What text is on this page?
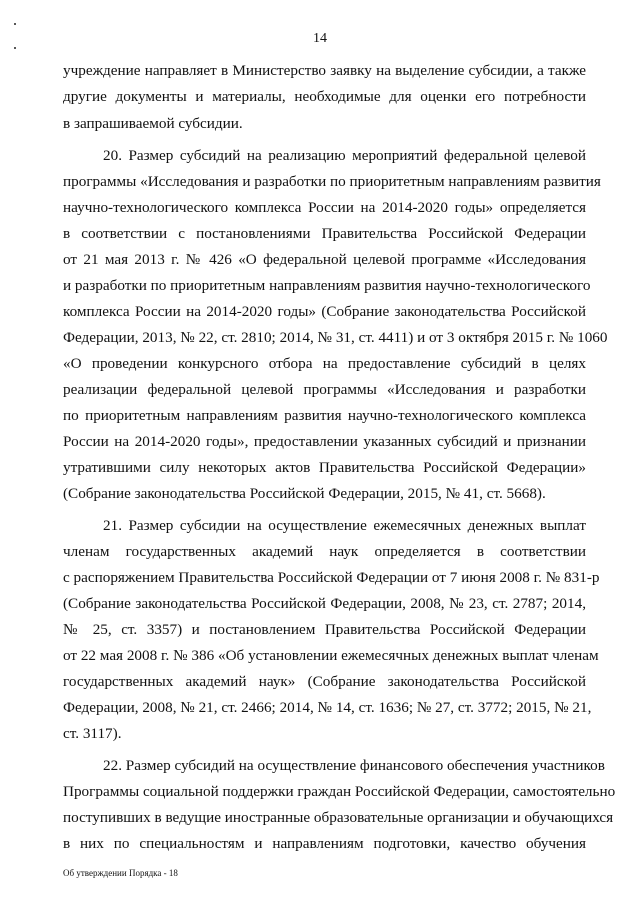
14
учреждение направляет в Министерство заявку на выделение субсидии, а также
другие документы и материалы, необходимые для оценки его потребности
в запрашиваемой субсидии.
20. Размер субсидий на реализацию мероприятий федеральной целевой
программы «Исследования и разработки по приоритетным направлениям развития
научно-технологического комплекса России на 2014-2020 годы» определяется
в соответствии с постановлениями Правительства Российской Федерации
от 21 мая 2013 г. № 426 «О федеральной целевой программе «Исследования
и разработки по приоритетным направлениям развития научно-технологического
комплекса России на 2014-2020 годы» (Собрание законодательства Российской
Федерации, 2013, № 22, ст. 2810; 2014, № 31, ст. 4411) и от 3 октября 2015 г. № 1060
«О проведении конкурсного отбора на предоставление субсидий в целях
реализации федеральной целевой программы «Исследования и разработки
по приоритетным направлениям развития научно-технологического комплекса
России на 2014-2020 годы», предоставлении указанных субсидий и признании
утратившими силу некоторых актов Правительства Российской Федерации»
(Собрание законодательства Российской Федерации, 2015, № 41, ст. 5668).
21. Размер субсидии на осуществление ежемесячных денежных выплат
членам государственных академий наук определяется в соответствии
с распоряжением Правительства Российской Федерации от 7 июня 2008 г. № 831-р
(Собрание законодательства Российской Федерации, 2008, № 23, ст. 2787; 2014,
№ 25, ст. 3357) и постановлением Правительства Российской Федерации
от 22 мая 2008 г. № 386 «Об установлении ежемесячных денежных выплат членам
государственных академий наук» (Собрание законодательства Российской
Федерации, 2008, № 21, ст. 2466; 2014, № 14, ст. 1636; № 27, ст. 3772; 2015, № 21,
ст. 3117).
22. Размер субсидий на осуществление финансового обеспечения участников
Программы социальной поддержки граждан Российской Федерации, самостоятельно
поступивших в ведущие иностранные образовательные организации и обучающихся
в них по специальностям и направлениям подготовки, качество обучения
Об утверждении Порядка - 18
